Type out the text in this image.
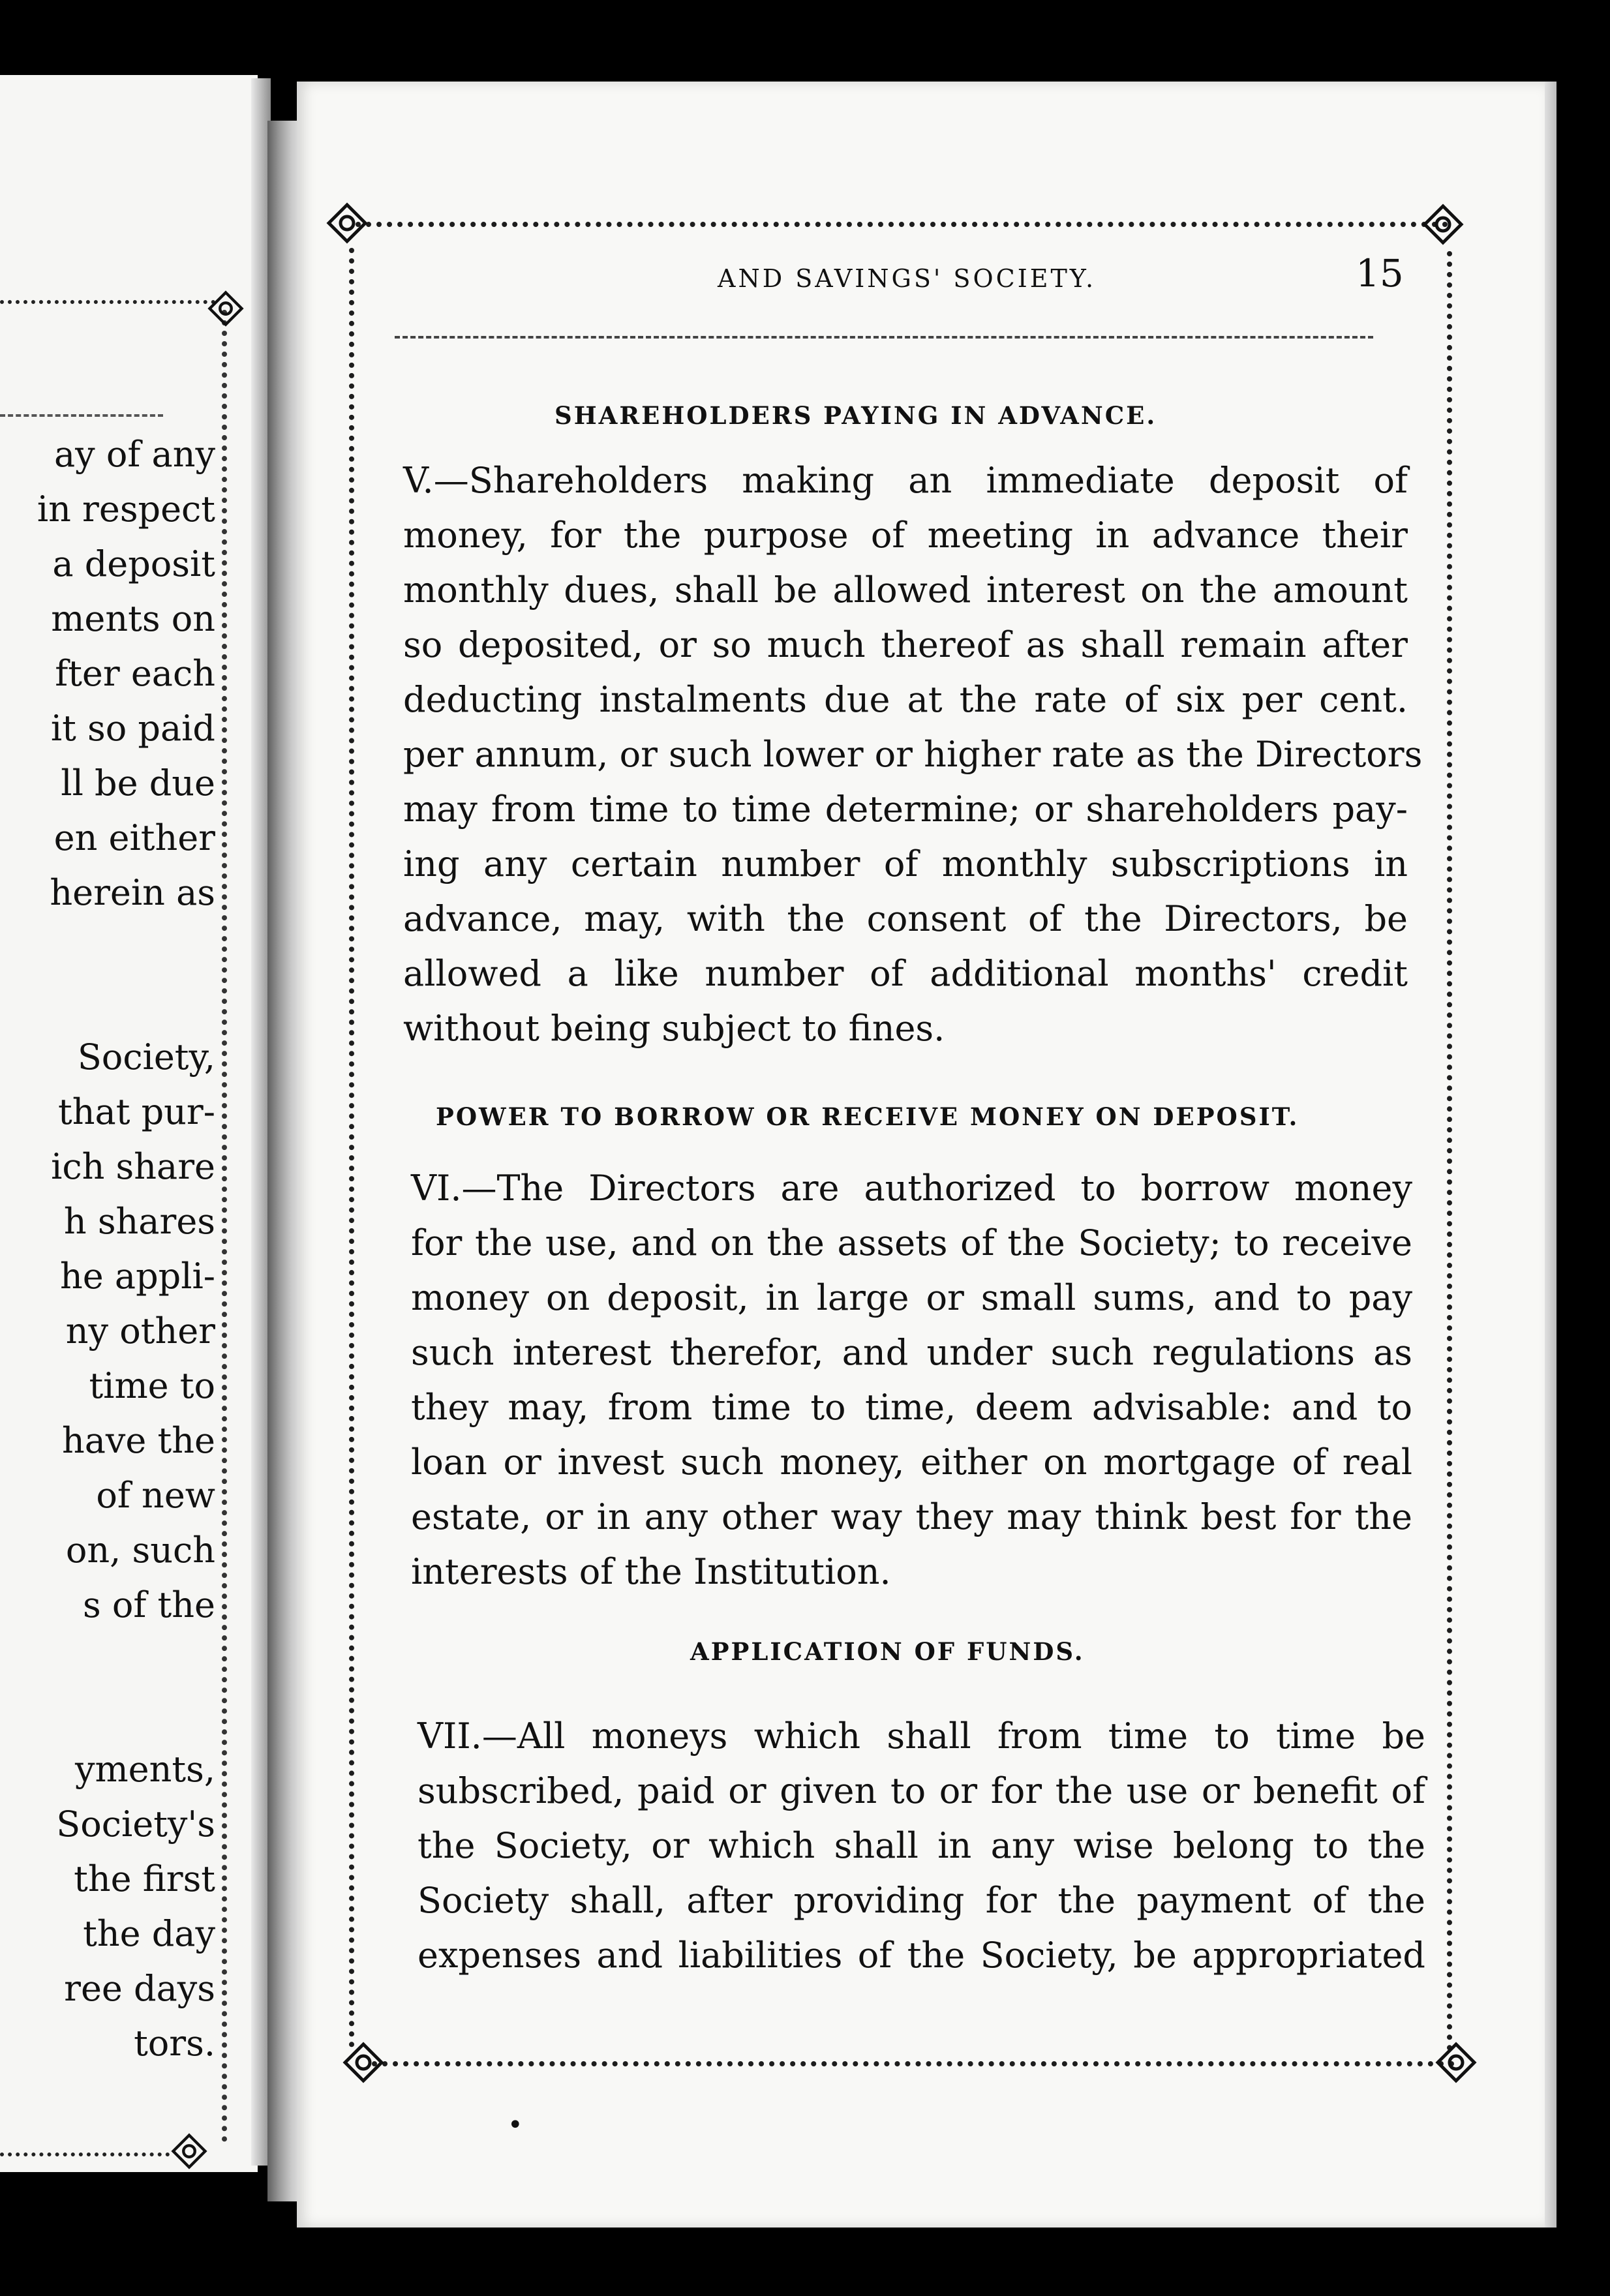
ay of any
in respect
a deposit
ments on
fter each
it so paid
ll be due
en either
herein as
Society,
that pur-
ich share
h shares
he appli-
ny other
time to
have the
of new
on, such
s of the
yments,
Society's
the first
the day
ree days
tors.
AND SAVINGS' SOCIETY.	15
SHAREHOLDERS PAYING IN ADVANCE.
V.—Shareholders making an immediate deposit of
money, for the purpose of meeting in advance their
monthly dues, shall be allowed interest on the amount
so deposited, or so much thereof as shall remain after
deducting instalments due at the rate of six per cent.
per annum, or such lower or higher rate as the Directors
may from time to time determine; or shareholders pay-
ing any certain number of monthly subscriptions in
advance, may, with the consent of the Directors, be
allowed a like number of additional months' credit
without being subject to fines.
POWER TO BORROW OR RECEIVE MONEY ON DEPOSIT.
VI.—The Directors are authorized to borrow money
for the use, and on the assets of the Society; to receive
money on deposit, in large or small sums, and to pay
such interest therefor, and under such regulations as
they may, from time to time, deem advisable: and to
loan or invest such money, either on mortgage of real
estate, or in any other way they may think best for the
interests of the Institution.
APPLICATION OF FUNDS.
VII.—All moneys which shall from time to time be
subscribed, paid or given to or for the use or benefit of
the Society, or which shall in any wise belong to the
Society shall, after providing for the payment of the
expenses and liabilities of the Society, be appropriated
•
